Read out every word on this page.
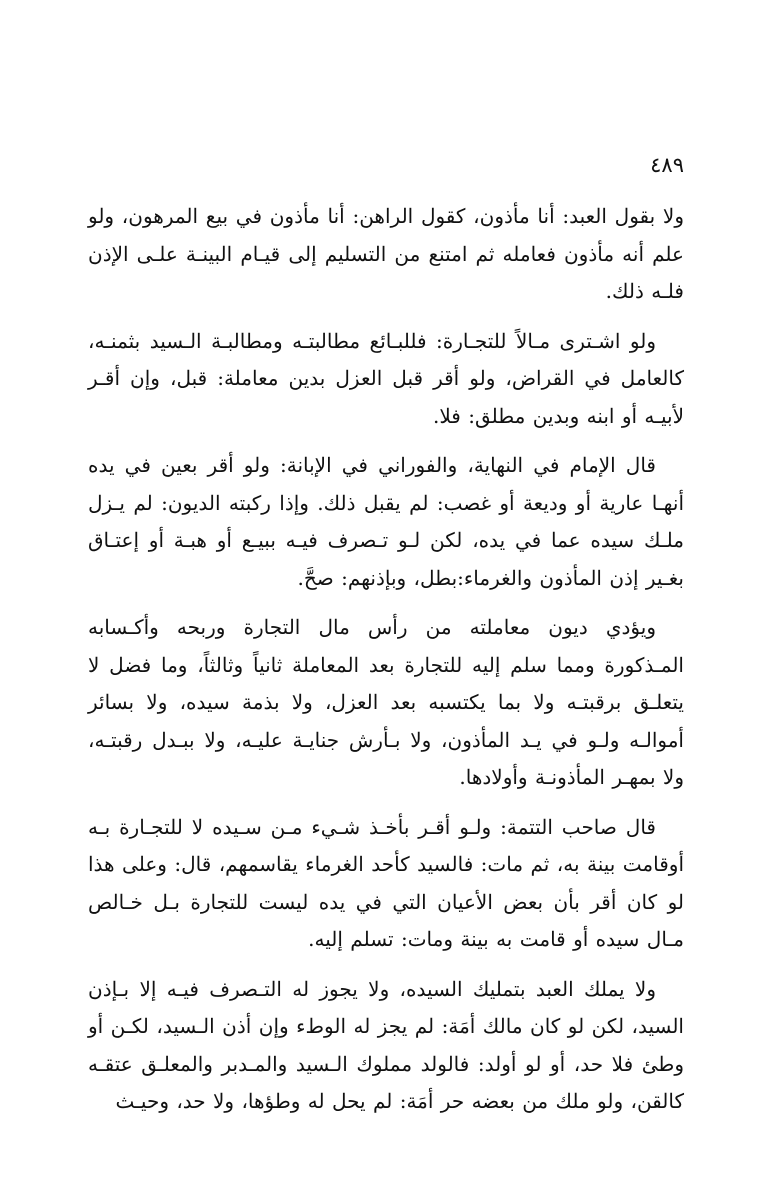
٤٨٩

ولا بقول العبد: أنا مأذون، كقول الراهن: أنا مأذون في بيع المرهون، ولو علم أنه مأذون فعامله ثم امتنع من التسليم إلى قيـام البينـة علـى الإذن فلـه ذلك.

ولو اشـترى مـالاً للتجـارة: فللبـائع مطالبتـه ومطالبـة الـسيد بثمنـه، كالعامل في القراض، ولو أقر قبل العزل بدين معاملة: قبل، وإن أقـر لأبيـه أو ابنه وبدين مطلق: فلا.

قال الإمام في النهاية، والفوراني في الإبانة: ولو أقر بعين في يده أنهـا عارية أو وديعة أو غصب: لم يقبل ذلك. وإذا ركبته الديون: لم يـزل ملـك سيده عما في يده، لكن لـو تـصرف فيـه ببيـع أو هبـة أو إعتـاق بغـير إذن المأذون والغرماء:بطل، وبإذنهم: صحَّ.

ويؤدي ديون معاملته من رأس مال التجارة وربحه وأكـسابه المـذكورة ومما سلم إليه للتجارة بعد المعاملة ثانياً وثالثاً، وما فضل لا يتعلـق برقبتـه ولا بما يكتسبه بعد العزل، ولا بذمة سيده، ولا بسائر أموالـه ولـو في يـد المأذون، ولا بـأرش جنايـة عليـه، ولا ببـدل رقبتـه، ولا بمهـر المأذونـة وأولادها.

قال صاحب التتمة: ولـو أقـر بأخـذ شـيء مـن سـيده لا للتجـارة بـه أوقامت بينة به، ثم مات: فالسيد كأحد الغرماء يقاسمهم، قال: وعلى هذا لو كان أقر بأن بعض الأعيان التي في يده ليست للتجارة بـل خـالص مـال سيده أو قامت به بينة ومات: تسلم إليه.

ولا يملك العبد بتمليك السيده، ولا يجوز له التـصرف فيـه إلا بـإذن السيد، لكن لو كان مالك أمَة: لم يجز له الوطء وإن أذن الـسيد، لكـن أو وطئ فلا حد، أو لو أولد: فالولد مملوك الـسيد والمـدبر والمعلـق عتقـه كالقن، ولو ملك من بعضه حر أمَة: لم يحل له وطؤها، ولا حد، وحيـث
